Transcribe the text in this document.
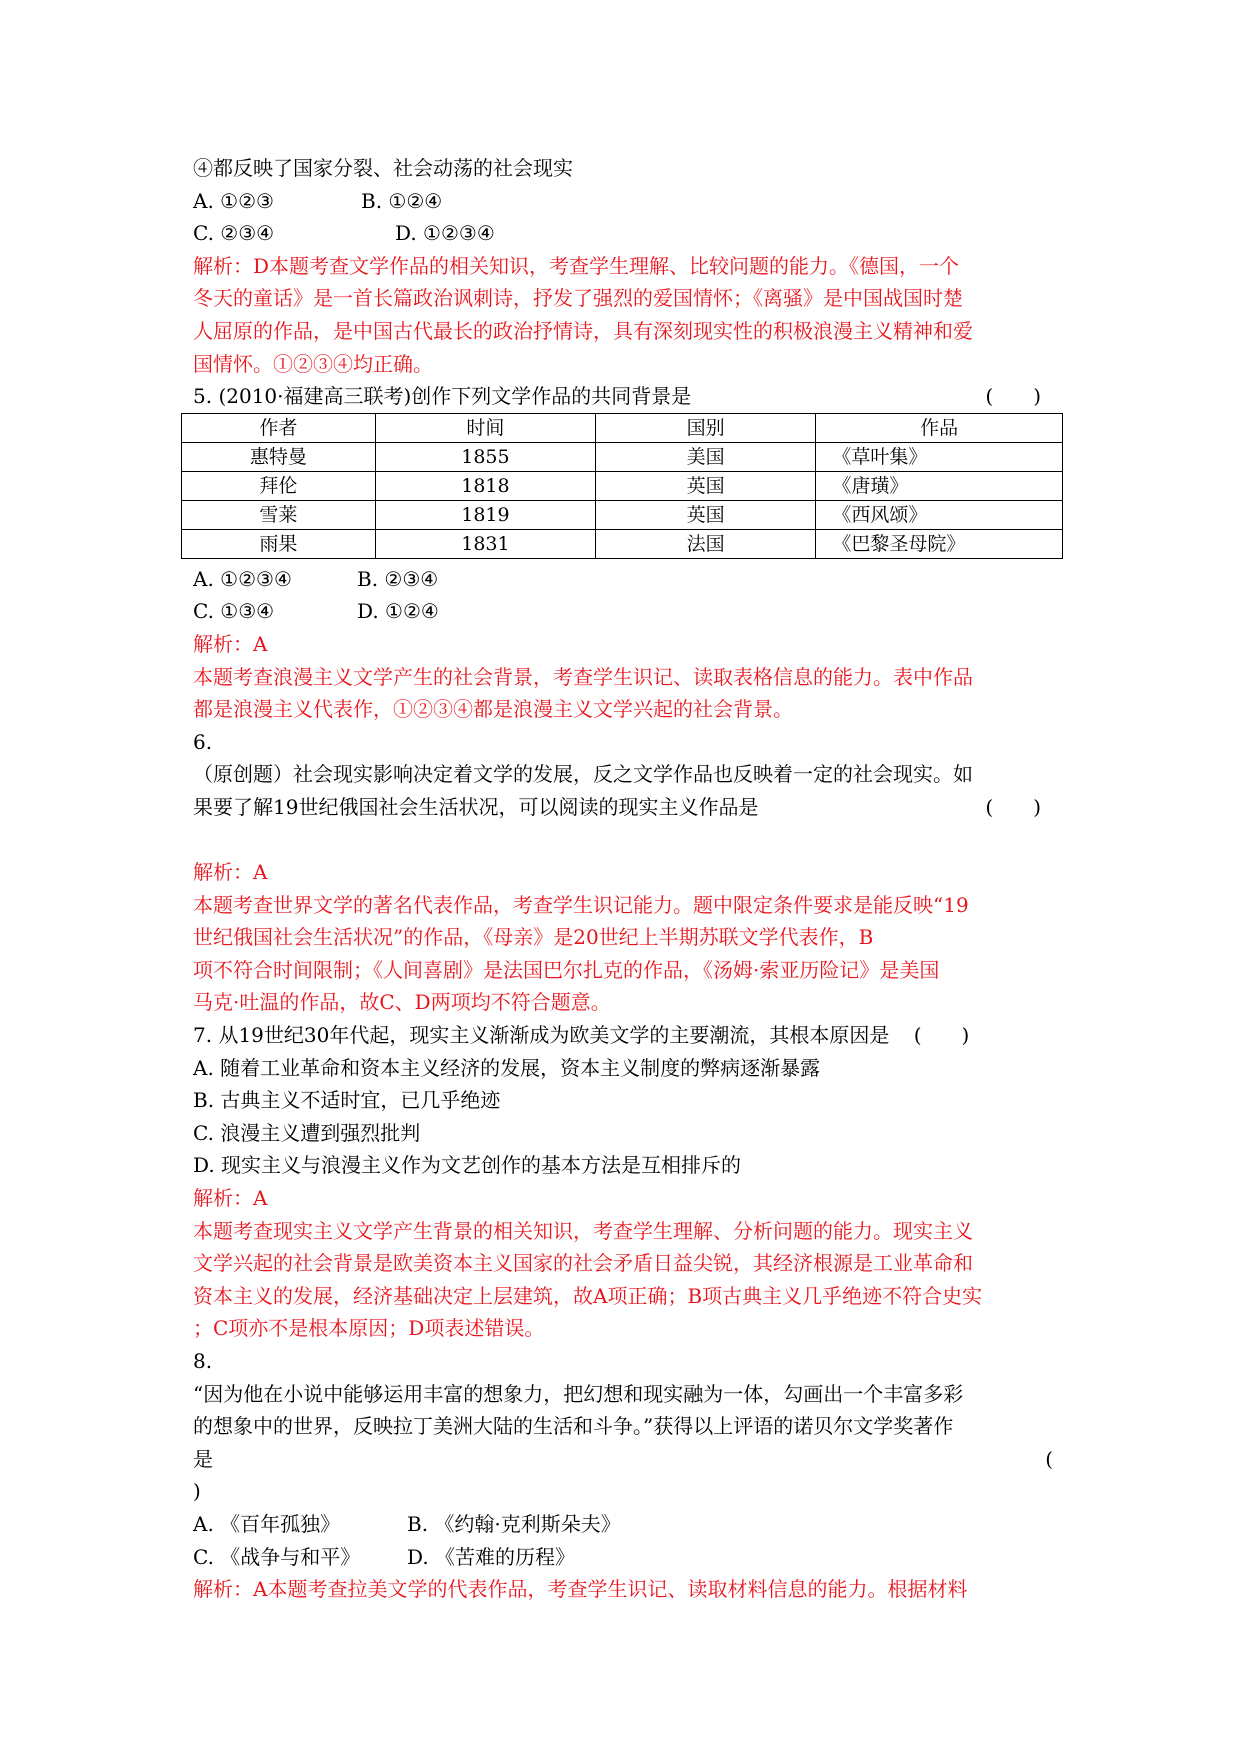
④都反映了国家分裂、社会动荡的社会现实
A. ①②③	B. ①②④
C. ②③④	D. ①②③④
解析：D本题考查文学作品的相关知识，考查学生理解、比较问题的能力。《德国，一个
冬天的童话》是一首长篇政治讽刺诗，抒发了强烈的爱国情怀；《离骚》是中国战国时楚
人屈原的作品，是中国古代最长的政治抒情诗，具有深刻现实性的积极浪漫主义精神和爱
国情怀。①②③④均正确。
5. (2010·福建高三联考)创作下列文学作品的共同背景是	(　　)
作者	时间	国别	作品
惠特曼	1855	美国	《草叶集》
拜伦	1818	英国	《唐璜》
雪莱	1819	英国	《西风颂》
雨果	1831	法国	《巴黎圣母院》
A. ①②③④	B. ②③④
C. ①③④	D. ①②④
解析：A
本题考查浪漫主义文学产生的社会背景，考查学生识记、读取表格信息的能力。表中作品
都是浪漫主义代表作，①②③④都是浪漫主义文学兴起的社会背景。
6.
（原创题）社会现实影响决定着文学的发展，反之文学作品也反映着一定的社会现实。如
果要了解19世纪俄国社会生活状况，可以阅读的现实主义作品是	(　　)
解析：A
本题考查世界文学的著名代表作品，考查学生识记能力。题中限定条件要求是能反映“19
世纪俄国社会生活状况”的作品，《母亲》是20世纪上半期苏联文学代表作，B
项不符合时间限制；《人间喜剧》是法国巴尔扎克的作品，《汤姆·索亚历险记》是美国
马克·吐温的作品，故C、D两项均不符合题意。
7. 从19世纪30年代起，现实主义渐渐成为欧美文学的主要潮流，其根本原因是 (　　)
A. 随着工业革命和资本主义经济的发展，资本主义制度的弊病逐渐暴露
B. 古典主义不适时宜，已几乎绝迹
C. 浪漫主义遭到强烈批判
D. 现实主义与浪漫主义作为文艺创作的基本方法是互相排斥的
解析：A
本题考查现实主义文学产生背景的相关知识，考查学生理解、分析问题的能力。现实主义
文学兴起的社会背景是欧美资本主义国家的社会矛盾日益尖锐，其经济根源是工业革命和
资本主义的发展，经济基础决定上层建筑，故A项正确；B项古典主义几乎绝迹不符合史实
；C项亦不是根本原因；D项表述错误。
8.
“因为他在小说中能够运用丰富的想象力，把幻想和现实融为一体，勾画出一个丰富多彩
的想象中的世界，反映拉丁美洲大陆的生活和斗争。”获得以上评语的诺贝尔文学奖著作
是	(
)
A. 《百年孤独》	B. 《约翰·克利斯朵夫》
C. 《战争与和平》 D. 《苦难的历程》
解析：A本题考查拉美文学的代表作品，考查学生识记、读取材料信息的能力。根据材料
